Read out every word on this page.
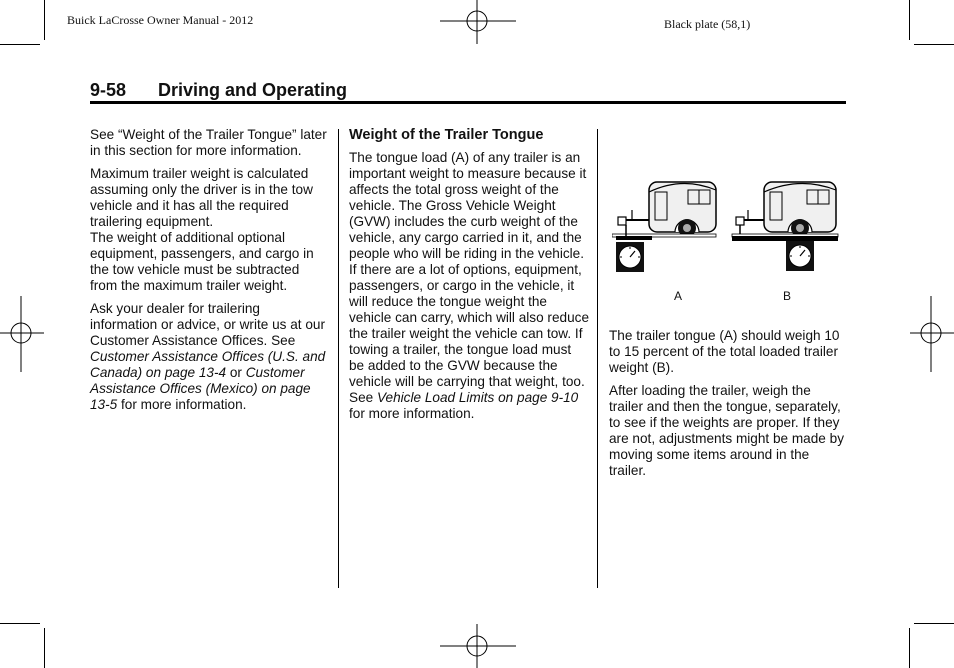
Buick LaCrosse Owner Manual - 2012	Black plate (58,1)
9-58 Driving and Operating

See “Weight of the Trailer Tongue” later in this section for more information.

Maximum trailer weight is calculated assuming only the driver is in the tow vehicle and it has all the required trailering equipment.

The weight of additional optional equipment, passengers, and cargo in the tow vehicle must be subtracted from the maximum trailer weight.

Ask your dealer for trailering information or advice, or write us at our Customer Assistance Offices. See Customer Assistance Offices (U.S. and Canada) on page 13-4 or Customer Assistance Offices (Mexico) on page 13-5 for more information.

Weight of the Trailer Tongue

The tongue load (A) of any trailer is an important weight to measure because it affects the total gross weight of the vehicle. The Gross Vehicle Weight (GVW) includes the curb weight of the vehicle, any cargo carried in it, and the people who will be riding in the vehicle.

If there are a lot of options, equipment, passengers, or cargo in the vehicle, it will reduce the tongue weight the vehicle can carry, which will also reduce the trailer weight the vehicle can tow. If towing a trailer, the tongue load must be added to the GVW because the vehicle will be carrying that weight, too. See Vehicle Load Limits on page 9-10 for more information.

A	B

The trailer tongue (A) should weigh 10 to 15 percent of the total loaded trailer weight (B).

After loading the trailer, weigh the trailer and then the tongue, separately, to see if the weights are proper. If they are not, adjustments might be made by moving some items around in the trailer.
